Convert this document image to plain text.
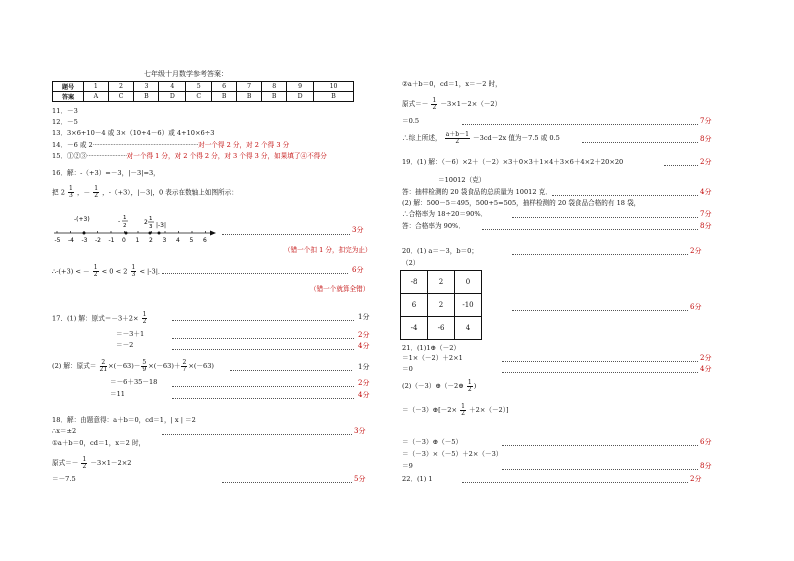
七年级十月数学参考答案：
题号	1	2	3	4	5	6	7	8	9	10
答案	A	C	B	D	C	B	B	B	D	B
11．－3
12．－5
13．3×6+10－4 或 3×（10+4－6）或 4+10×6÷3
14．－6 或 2··································································对一个得 2 分，对 2 个得 3 分
15．①②③·························对一个得 1 分，对 2 个得 2 分，对 3 个得 3 分，如果填了④不得分
16．解：-（+3）=－3，|－3|=3，
把 $2 \frac{1}{3}$ ，－ $\frac{1}{2}$ ，-（+3），|－3|，0 表示在数轴上如图所示：
-5 -4 -3 -2 -1 0 1 2 3 4 5 6
-(+3)	- 1
2	2 1
3 |-3|
3分
（错一个扣 1 分，扣完为止）
∴-(+3) < － $\frac{1}{2} < 0 < 2 \frac{1}{3} < |-3|$．	6分
（错一个就算全错）
17．(1) 解：原式$=-3+2\times \frac{1}{2}$	1分
＝－3＋1	2分
＝－2	4分
(2) 解：原式＝ $\frac{2}{21} \times(-63)- \frac{5}{9} \times(-63)+ \frac{2}{7} \times(-63)$	1分
＝－6＋35－18	2分
＝11	4分
18．解：由题意得：a＋b＝0，cd＝1，| x | ＝2
∴x＝±2	3分
①a＋b＝0，cd＝1，x＝2 时，
原式＝－ $\frac{1}{2} -3\times 1-2\times 2$
＝－7.5	5分
②a＋b＝0，cd＝1，x＝－2 时，
原式＝－ $\frac{1}{2} -3\times 1-2\times(-2)$
＝0.5	7分
∴综上所述， $\frac{a+b-1}{2} -3cd-2x$ 值为－7.5 或 0.5	8分
19．(1) 解：（－6）×2＋（－2）×3＋0×3＋1×4＋3×6＋4×2＋20×20	2分
＝10012（克）
答：抽样检测的 20 袋食品的总质量为 10012 克．	4分
(2) 解：500－5＝495，500+5=505，抽样检测的 20 袋食品合格的有 18 袋，
∴合格率为 18÷20＝90%．	7分
答：合格率为 90%．	8分
20．(1) a＝－3，b＝0；	2分
（2）
-8	2	0
6	2	-10
-4	-6	4
6分
21．(1)1⊕（－2）
＝1×（－2）＋2×1	2分
＝0	4分
(2)（－3）⊕（－2⊕ $\frac{1}{2}$ )
＝（－3）⊕[－2× $\frac{1}{2} +2\times(-2)$]
＝（－3）⊕（－5）	6分
＝（－3）×（－5）＋2×（－3）
＝9	8分
22．(1) 1	2分
